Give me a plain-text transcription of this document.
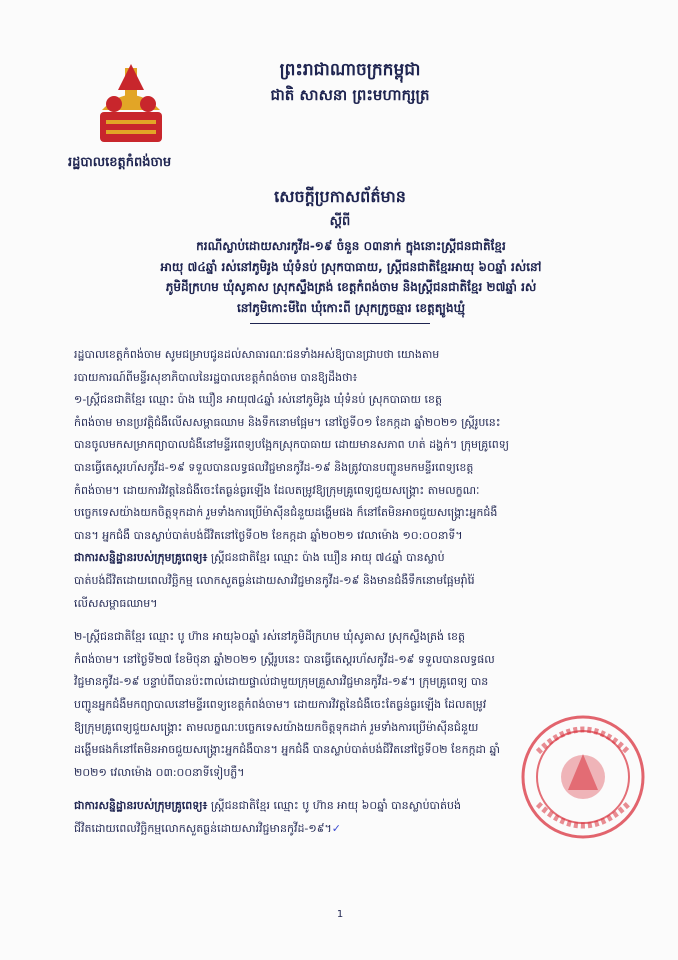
ព្រះរាជាណាចក្រកម្ពុជា
ជាតិ សាសនា ព្រះមហាក្សត្រ
រដ្ឋបាលខេត្តកំពង់ចាម
សេចក្តីប្រកាសព័ត៌មាន
ស្តីពី
ករណីស្លាប់ដោយសារកូវីដ-១៩ ចំនួន ០៣នាក់ ក្នុងនោះស្ត្រីជនជាតិខ្មែរ
អាយុ ៧៤ឆ្នាំ រស់នៅភូមិរូង ឃុំទំនប់ ស្រុកបាធាយ, ស្ត្រីជនជាតិខ្មែរអាយុ ៦០ឆ្នាំ រស់នៅ
ភូមិដីក្រហម ឃុំសូគាស ស្រុកស្ទឹងត្រង់ ខេត្តកំពង់ចាម និងស្ត្រីជនជាតិខ្មែរ ២៧ឆ្នាំ រស់
នៅភូមិកោះមីពៃ ឃុំកោះពី ស្រុកក្រូចឆ្មារ ខេត្តត្បូងឃ្មុំ

រដ្ឋបាលខេត្តកំពង់ចាម សូមជម្រាបជូនដល់សាធារណៈជនទាំងអស់ឱ្យបានជ្រាបថា យោងតាម
របាយការណ៍ពីមន្ទីរសុខាភិបាលនៃរដ្ឋបាលខេត្តកំពង់ចាម បានឱ្យដឹងថា៖

១-ស្ត្រីជនជាតិខ្មែរ ឈ្មោះ ប៉ាង ឃឿន អាយុ៧៤ឆ្នាំ រស់នៅភូមិរូង ឃុំទំនប់ ស្រុកបាធាយ ខេត្ត
កំពង់ចាម មានប្រវត្តិជំងឺលើសសម្ពាធឈាម និងទឹកនោមផ្អែម។ នៅថ្ងៃទី០១ ខែកក្កដា ឆ្នាំ២០២១ ស្ត្រីរូបនេះ
បានចូលមកសម្រាកព្យាបាលជំងឺនៅមន្ទីរពេទ្យបង្អែកស្រុកបាធាយ ដោយមានសភាព ហត់ ដង្ហក់។ ក្រុមគ្រូពេទ្យ
បានធ្វើតេស្តរហ័សកូវីដ-១៩ ទទួលបានលទ្ធផលវិជ្ជមានកូវីដ-១៩ និងត្រូវបានបញ្ជូនមកមន្ទីរពេទ្យខេត្ត
កំពង់ចាម។ ដោយការវិវត្តនៃជំងឺចេះតែធ្ងន់ធ្ងរឡើង ដែលតម្រូវឱ្យក្រុមគ្រូពេទ្យជួយសង្គ្រោះ តាមលក្ខណៈ
បច្ចេកទេសយ៉ាងយកចិត្តទុកដាក់ រួមទាំងការប្រើម៉ាស៊ីនជំនួយដង្ហើមផង ក៏នៅតែមិនអាចជួយសង្គ្រោះអ្នកជំងឺ
បាន។ អ្នកជំងឺ បានស្លាប់បាត់បង់ជីវិតនៅថ្ងៃទី០២ ខែកក្កដា ឆ្នាំ២០២១ វេលាម៉ោង ១០:០០នាទី។

ជាការសន្និដ្ឋានរបស់ក្រុមគ្រូពេទ្យ៖ ស្ត្រីជនជាតិខ្មែរ ឈ្មោះ ប៉ាង ឃឿន អាយុ ៧៤ឆ្នាំ បានស្លាប់
បាត់បង់ជីវិតដោយពេលវិច្ឆិកម្ម លោកសួតធ្ងន់ដោយសារវិជ្ជមានកូវីដ-១៩ និងមានជំងឺទឹកនោមផ្អែមរ៉ាំរ៉ៃ
លើសសម្ពាធឈាម។

២-ស្ត្រីជនជាតិខ្មែរ ឈ្មោះ បូ ហ៊ាន អាយុ៦០ឆ្នាំ រស់នៅភូមិដីក្រហម ឃុំសូគាស ស្រុកស្ទឹងត្រង់ ខេត្ត
កំពង់ចាម។ នៅថ្ងៃទី២៧ ខែមិថុនា ឆ្នាំ២០២១ ស្ត្រីរូបនេះ បានធ្វើតេស្តរហ័សកូវីដ-១៩ ទទួលបានលទ្ធផល
វិជ្ជមានកូវីដ-១៩ បន្ទាប់ពីបានប៉ះពាល់ដោយផ្ទាល់ជាមួយក្រុមគ្រួសារវិជ្ជមានកូវីដ-១៩។ ក្រុមគ្រូពេទ្យ បាន
បញ្ជូនអ្នកជំងឺមកព្យាបាលនៅមន្ទីរពេទ្យខេត្តកំពង់ចាម។ ដោយការវិវត្តនៃជំងឺចេះតែធ្ងន់ធ្ងរឡើង ដែលតម្រូវ
ឱ្យក្រុមគ្រូពេទ្យជួយសង្គ្រោះ តាមលក្ខណៈបច្ចេកទេសយ៉ាងយកចិត្តទុកដាក់ រួមទាំងការប្រើម៉ាស៊ីនជំនួយ
ដង្ហើមផងក៏នៅតែមិនអាចជួយសង្គ្រោះអ្នកជំងឺបាន។ អ្នកជំងឺ បានស្លាប់បាត់បង់ជីវិតនៅថ្ងៃទី០២ ខែកក្កដា ឆ្នាំ
២០២១ វេលាម៉ោង ០៣:០០នាទីទៀបភ្លឺ។

ជាការសន្និដ្ឋានរបស់ក្រុមគ្រូពេទ្យ៖ ស្ត្រីជនជាតិខ្មែរ ឈ្មោះ បូ ហ៊ាន អាយុ ៦០ឆ្នាំ បានស្លាប់បាត់បង់
ជីវិតដោយពេលវិច្ឆិកម្មលោកសួតធ្ងន់ដោយសារវិជ្ជមានកូវីដ-១៩។✓

1
